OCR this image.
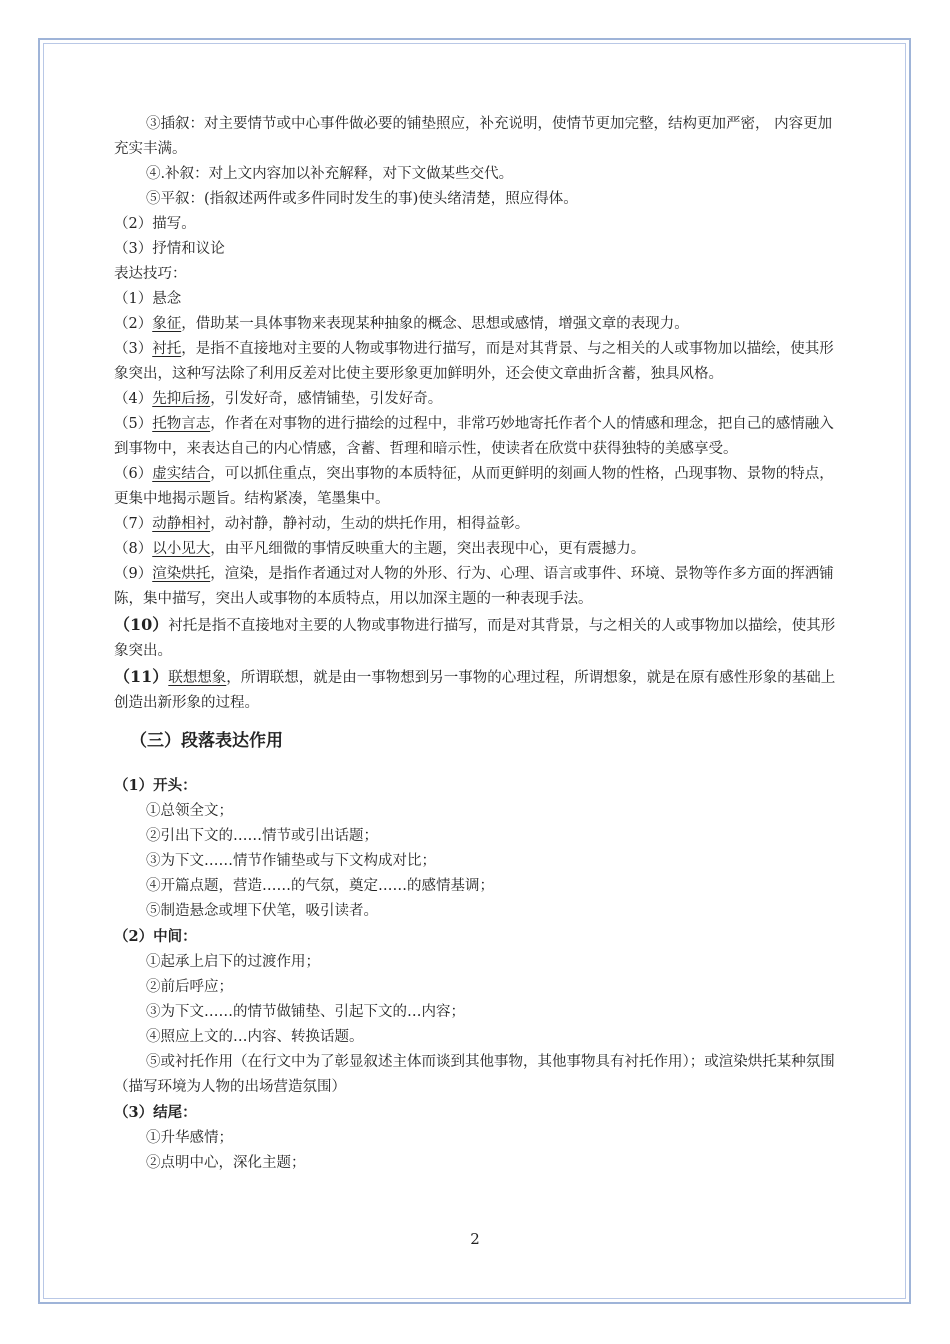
③插叙：对主要情节或中心事件做必要的铺垫照应，补充说明，使情节更加完整，结构更加严密， 内容更加充实丰满。

④.补叙：对上文内容加以补充解释，对下文做某些交代。

⑤平叙：(指叙述两件或多件同时发生的事)使头绪清楚，照应得体。

（2）描写。

（3）抒情和议论

表达技巧：

（1）悬念

（2）象征，借助某一具体事物来表现某种抽象的概念、思想或感情，增强文章的表现力。

（3）衬托，是指不直接地对主要的人物或事物进行描写，而是对其背景、与之相关的人或事物加以描绘，使其形象突出，这种写法除了利用反差对比使主要形象更加鲜明外，还会使文章曲折含蓄，独具风格。

（4）先抑后扬，引发好奇，感情铺垫，引发好奇。

（5）托物言志，作者在对事物的进行描绘的过程中，非常巧妙地寄托作者个人的情感和理念，把自己的感情融入到事物中，来表达自己的内心情感，含蓄、哲理和暗示性，使读者在欣赏中获得独特的美感享受。

（6）虚实结合，可以抓住重点，突出事物的本质特征，从而更鲜明的刻画人物的性格，凸现事物、景物的特点，更集中地揭示题旨。结构紧凑，笔墨集中。

（7）动静相衬，动衬静，静衬动，生动的烘托作用，相得益彰。

（8）以小见大，由平凡细微的事情反映重大的主题，突出表现中心，更有震撼力。

（9）渲染烘托，渲染，是指作者通过对人物的外形、行为、心理、语言或事件、环境、景物等作多方面的挥洒铺陈，集中描写，突出人或事物的本质特点，用以加深主题的一种表现手法。

（10）衬托是指不直接地对主要的人物或事物进行描写，而是对其背景，与之相关的人或事物加以描绘，使其形象突出。

（11）联想想象，所谓联想，就是由一事物想到另一事物的心理过程，所谓想象，就是在原有感性形象的基础上创造出新形象的过程。

（三）段落表达作用

（1）开头：

①总领全文；

②引出下文的……情节或引出话题；

③为下文……情节作铺垫或与下文构成对比；

④开篇点题，营造……的气氛，奠定……的感情基调；

⑤制造悬念或埋下伏笔，吸引读者。

（2）中间：

①起承上启下的过渡作用；

②前后呼应；

③为下文……的情节做铺垫、引起下文的…内容；

④照应上文的…内容、转换话题。

⑤或衬托作用（在行文中为了彰显叙述主体而谈到其他事物，其他事物具有衬托作用）；或渲染烘托某种氛围（描写环境为人物的出场营造氛围）

（3）结尾：

①升华感情；

②点明中心，深化主题；

2
